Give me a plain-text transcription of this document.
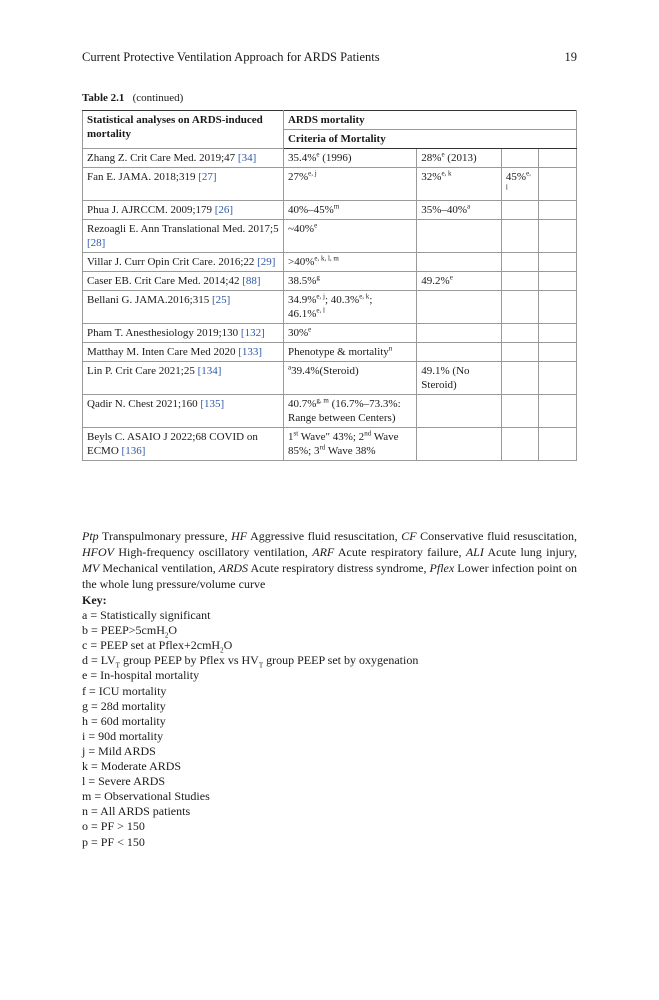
Current Protective Ventilation Approach for ARDS Patients	19
Table 2.1 (continued)
Statistical analyses on ARDS-induced mortality	ARDS mortality			
	Criteria of Mortality			
Zhang Z. Crit Care Med. 2019;47 [34]	35.4%$^e$ (1996)	28%$^e$ (2013)		
Fan E. JAMA. 2018;319 [27]	27%$^{e, j}$	32%$^{e, k}$	45%$^{e, l}$	
Phua J. AJRCCM. 2009;179 [26]	40%–45%$^m$	35%–40%$^a$		
Rezoagli E. Ann Translational Med. 2017;5 [28]	~40%$^e$			
Villar J. Curr Opin Crit Care. 2016;22 [29]	>40%$^{e, k, l, m}$			
Caser EB. Crit Care Med. 2014;42 [88]	38.5%$^g$	49.2%$^e$		
Bellani G. JAMA.2016;315 [25]	34.9%$^{e, j}$; 40.3%$^{e, k}$;
46.1%$^{e, l}$			
Pham T. Anesthesiology 2019;130 [132]	30%$^e$			
Matthay M. Inten Care Med 2020 [133]	Phenotype & mortality$^n$			
Lin P. Crit Care 2021;25 [134]	$^a$39.4%(Steroid)	49.1% (No Steroid)		
Qadir N. Chest 2021;160 [135]	40.7%$^{g, m}$ (16.7%–73.3%: Range between Centers)			
Beyls C. ASAIO J 2022;68 COVID on ECMO [136]	1st Wave" 43%; 2nd Wave 85%; 3rd Wave 38%			
Ptp Transpulmonary pressure, HF Aggressive fluid resuscitation, CF Conservative fluid resuscitation, HFOV High-frequency oscillatory ventilation, ARF Acute respiratory failure, ALI Acute lung injury, MV Mechanical ventilation, ARDS Acute respiratory distress syndrome, Pflex Lower infection point on the whole lung pressure/volume curve
Key:
a = Statistically significant
b = PEEP>5cmH$_2$O
c = PEEP set at Pflex+2cmH$_2$O
$d = LV_T$ group PEEP by Pflex vs $HV_T$ group PEEP set by oxygenation
e = In-hospital mortality
f = ICU mortality
g = 28d mortality
h = 60d mortality
i = 90d mortality
j = Mild ARDS
k = Moderate ARDS
l = Severe ARDS
m = Observational Studies
n = All ARDS patients
o = PF > 150
p = PF < 150
